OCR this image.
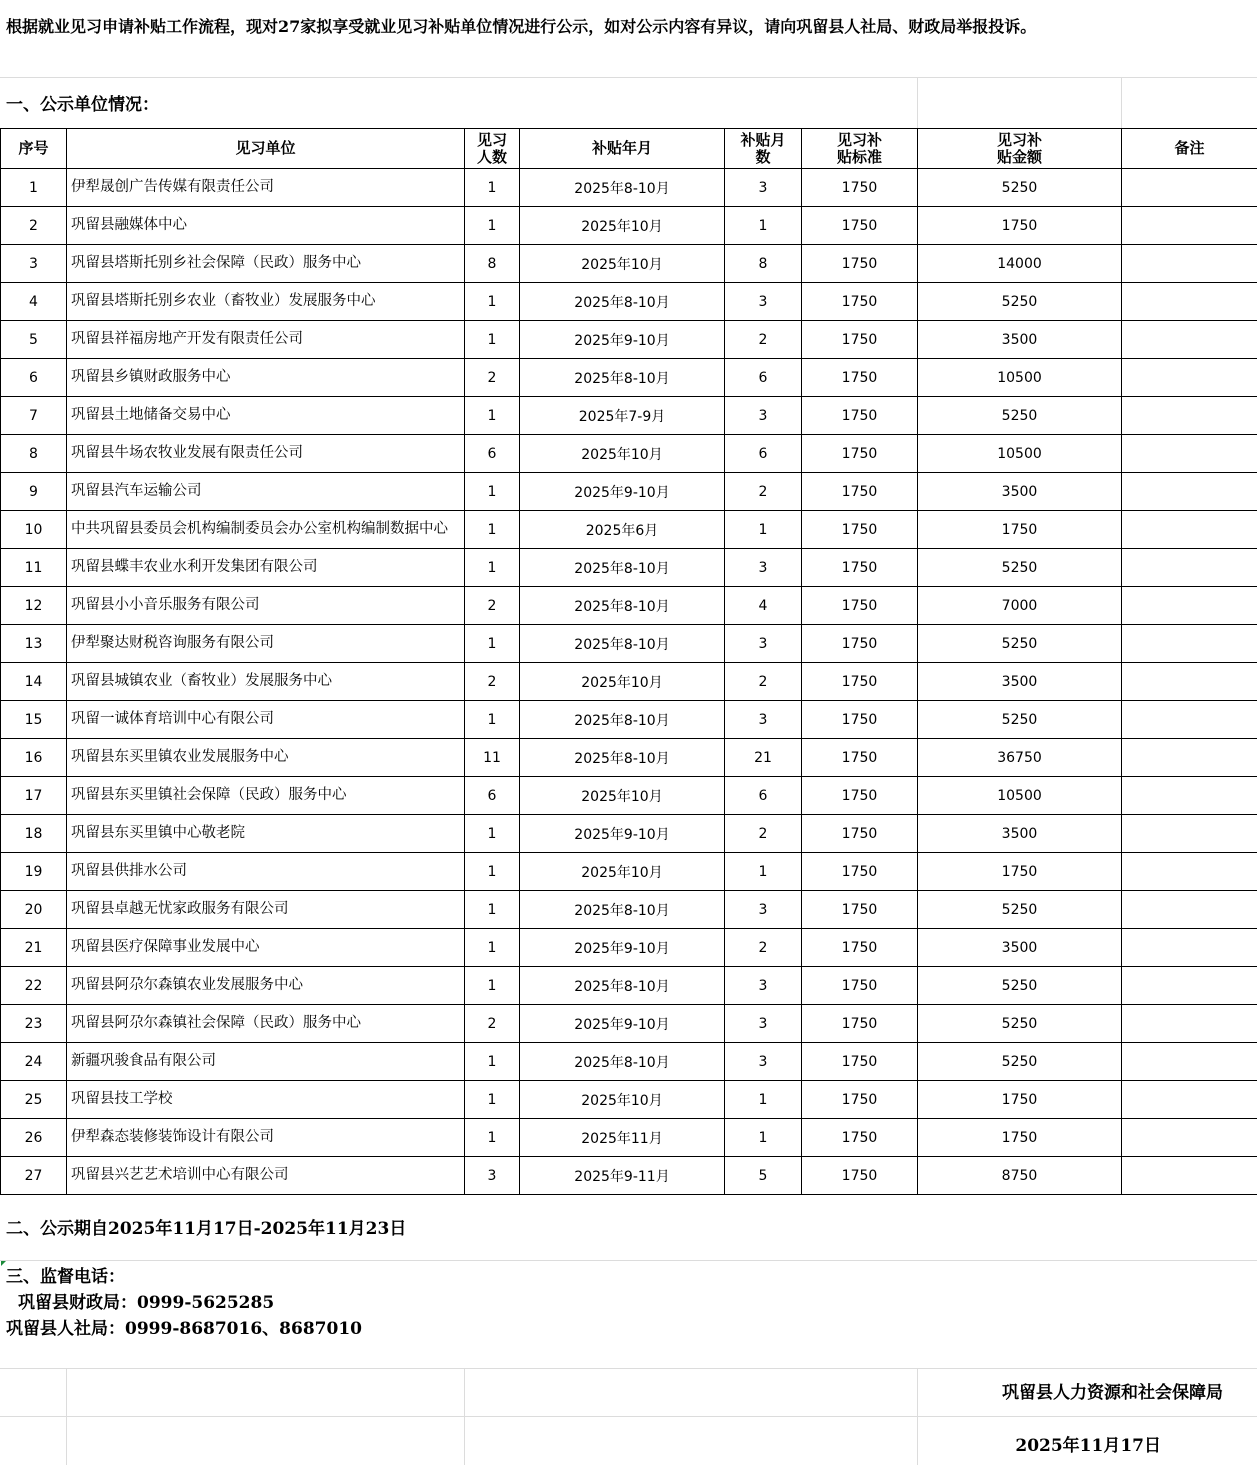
根据就业见习申请补贴工作流程，现对27家拟享受就业见习补贴单位情况进行公示，如对公示内容有异议，请向巩留县人社局、财政局举报投诉。
一、公示单位情况：
序号	见习单位	见习人数	补贴年月	补贴月数	见习补贴标准	见习补贴金额	备注
1	伊犁晟创广告传媒有限责任公司	1	2025年8-10月	3	1750	5250	
2	巩留县融媒体中心	1	2025年10月	1	1750	1750	
3	巩留县塔斯托别乡社会保障（民政）服务中心	8	2025年10月	8	1750	14000	
4	巩留县塔斯托别乡农业（畜牧业）发展服务中心	1	2025年8-10月	3	1750	5250	
5	巩留县祥福房地产开发有限责任公司	1	2025年9-10月	2	1750	3500	
6	巩留县乡镇财政服务中心	2	2025年8-10月	6	1750	10500	
7	巩留县土地储备交易中心	1	2025年7-9月	3	1750	5250	
8	巩留县牛场农牧业发展有限责任公司	6	2025年10月	6	1750	10500	
9	巩留县汽车运输公司	1	2025年9-10月	2	1750	3500	
10	中共巩留县委员会机构编制委员会办公室机构编制数据中心	1	2025年6月	1	1750	1750	
11	巩留县蝶丰农业水利开发集团有限公司	1	2025年8-10月	3	1750	5250	
12	巩留县小小音乐服务有限公司	2	2025年8-10月	4	1750	7000	
13	伊犁聚达财税咨询服务有限公司	1	2025年8-10月	3	1750	5250	
14	巩留县城镇农业（畜牧业）发展服务中心	2	2025年10月	2	1750	3500	
15	巩留一诚体育培训中心有限公司	1	2025年8-10月	3	1750	5250	
16	巩留县东买里镇农业发展服务中心	11	2025年8-10月	21	1750	36750	
17	巩留县东买里镇社会保障（民政）服务中心	6	2025年10月	6	1750	10500	
18	巩留县东买里镇中心敬老院	1	2025年9-10月	2	1750	3500	
19	巩留县供排水公司	1	2025年10月	1	1750	1750	
20	巩留县卓越无忧家政服务有限公司	1	2025年8-10月	3	1750	5250	
21	巩留县医疗保障事业发展中心	1	2025年9-10月	2	1750	3500	
22	巩留县阿尕尔森镇农业发展服务中心	1	2025年8-10月	3	1750	5250	
23	巩留县阿尕尔森镇社会保障（民政）服务中心	2	2025年9-10月	3	1750	5250	
24	新疆巩骏食品有限公司	1	2025年8-10月	3	1750	5250	
25	巩留县技工学校	1	2025年10月	1	1750	1750	
26	伊犁森态装修装饰设计有限公司	1	2025年11月	1	1750	1750	
27	巩留县兴艺艺术培训中心有限公司	3	2025年9-11月	5	1750	8750	
二、公示期自2025年11月17日-2025年11月23日
三、监督电话：
巩留县财政局：0999-5625285
巩留县人社局：0999-8687016、8687010
巩留县人力资源和社会保障局
2025年11月17日
